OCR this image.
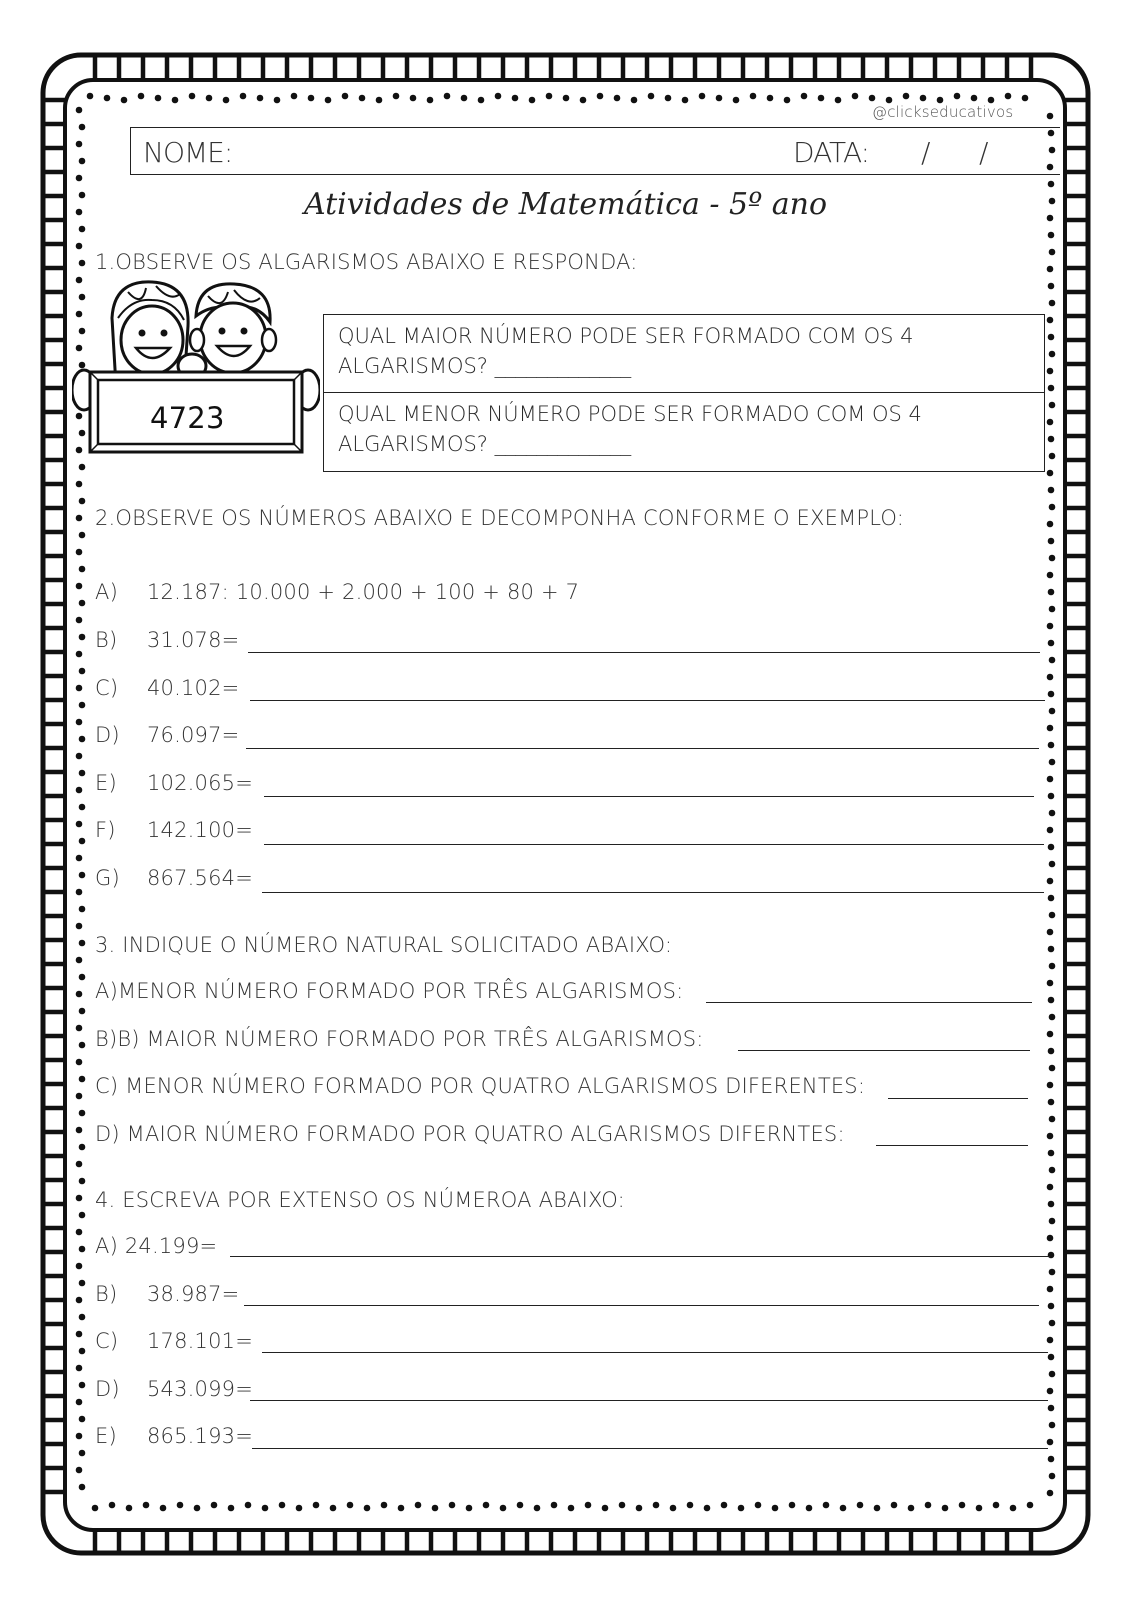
@clickseducativos
NOME:	DATA: / /
Atividades de Matemática - 5º ano
1.OBSERVE OS ALGARISMOS ABAIXO E RESPONDA:
4723
QUAL MAIOR NÚMERO PODE SER FORMADO COM OS 4
ALGARISMOS? _____________
QUAL MENOR NÚMERO PODE SER FORMADO COM OS 4
ALGARISMOS? _____________
2.OBSERVE OS NÚMEROS ABAIXO E DECOMPONHA CONFORME O EXEMPLO:
A) 12.187: 10.000 + 2.000 + 100 + 80 + 7
B) 31.078=
C) 40.102=
D) 76.097=
E) 102.065=
F) 142.100=
G) 867.564=
3. INDIQUE O NÚMERO NATURAL SOLICITADO ABAIXO:
A)MENOR NÚMERO FORMADO POR TRÊS ALGARISMOS:
B)B) MAIOR NÚMERO FORMADO POR TRÊS ALGARISMOS:
C) MENOR NÚMERO FORMADO POR QUATRO ALGARISMOS DIFERENTES:
D) MAIOR NÚMERO FORMADO POR QUATRO ALGARISMOS DIFERNTES:
4. ESCREVA POR EXTENSO OS NÚMEROA ABAIXO:
A) 24.199=
B) 38.987=
C) 178.101=
D) 543.099=
E) 865.193=
